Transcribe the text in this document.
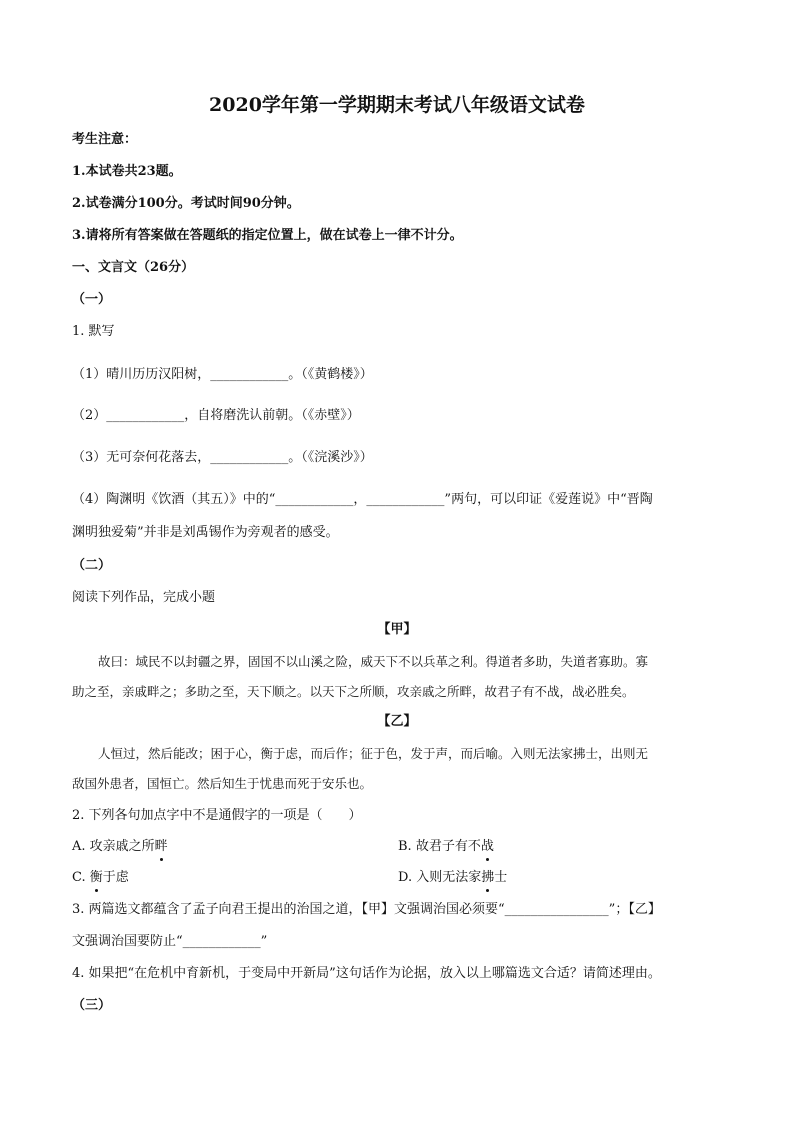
2020学年第一学期期末考试八年级语文试卷
考生注意：
1.本试卷共23题。
2.试卷满分100分。考试时间90分钟。
3.请将所有答案做在答题纸的指定位置上，做在试卷上一律不计分。
一、文言文（26分）
（一）
1. 默写
（1）晴川历历汉阳树，____________。（《黄鹤楼》）
（2）____________，自将磨洗认前朝。（《赤壁》）
（3）无可奈何花落去，____________。（《浣溪沙》）
（4）陶渊明《饮酒（其五）》中的“____________，____________”两句，可以印证《爱莲说》中“晋陶
渊明独爱菊”并非是刘禹锡作为旁观者的感受。
（二）
阅读下列作品，完成小题
【甲】
故曰：域民不以封疆之界，固国不以山溪之险，威天下不以兵革之利。得道者多助，失道者寡助。寡
助之至，亲戚畔之；多助之至，天下顺之。以天下之所顺，攻亲戚之所畔，故君子有不战，战必胜矣。
【乙】
人恒过，然后能改；困于心，衡于虑，而后作；征于色，发于声，而后喻。入则无法家拂士，出则无
敌国外患者，国恒亡。然后知生于忧患而死于安乐也。
2. 下列各句加点字中不是通假字的一项是（　　）
A. 攻亲戚之所畔	B. 故君子有不战
C. 衡于虑	D. 入则无法家拂士
3. 两篇选文都蕴含了孟子向君王提出的治国之道，【甲】文强调治国必须要“________________”；【乙】
文强调治国要防止“____________”
4. 如果把“在危机中育新机，于变局中开新局”这句话作为论据，放入以上哪篇选文合适？请简述理由。
（三）
